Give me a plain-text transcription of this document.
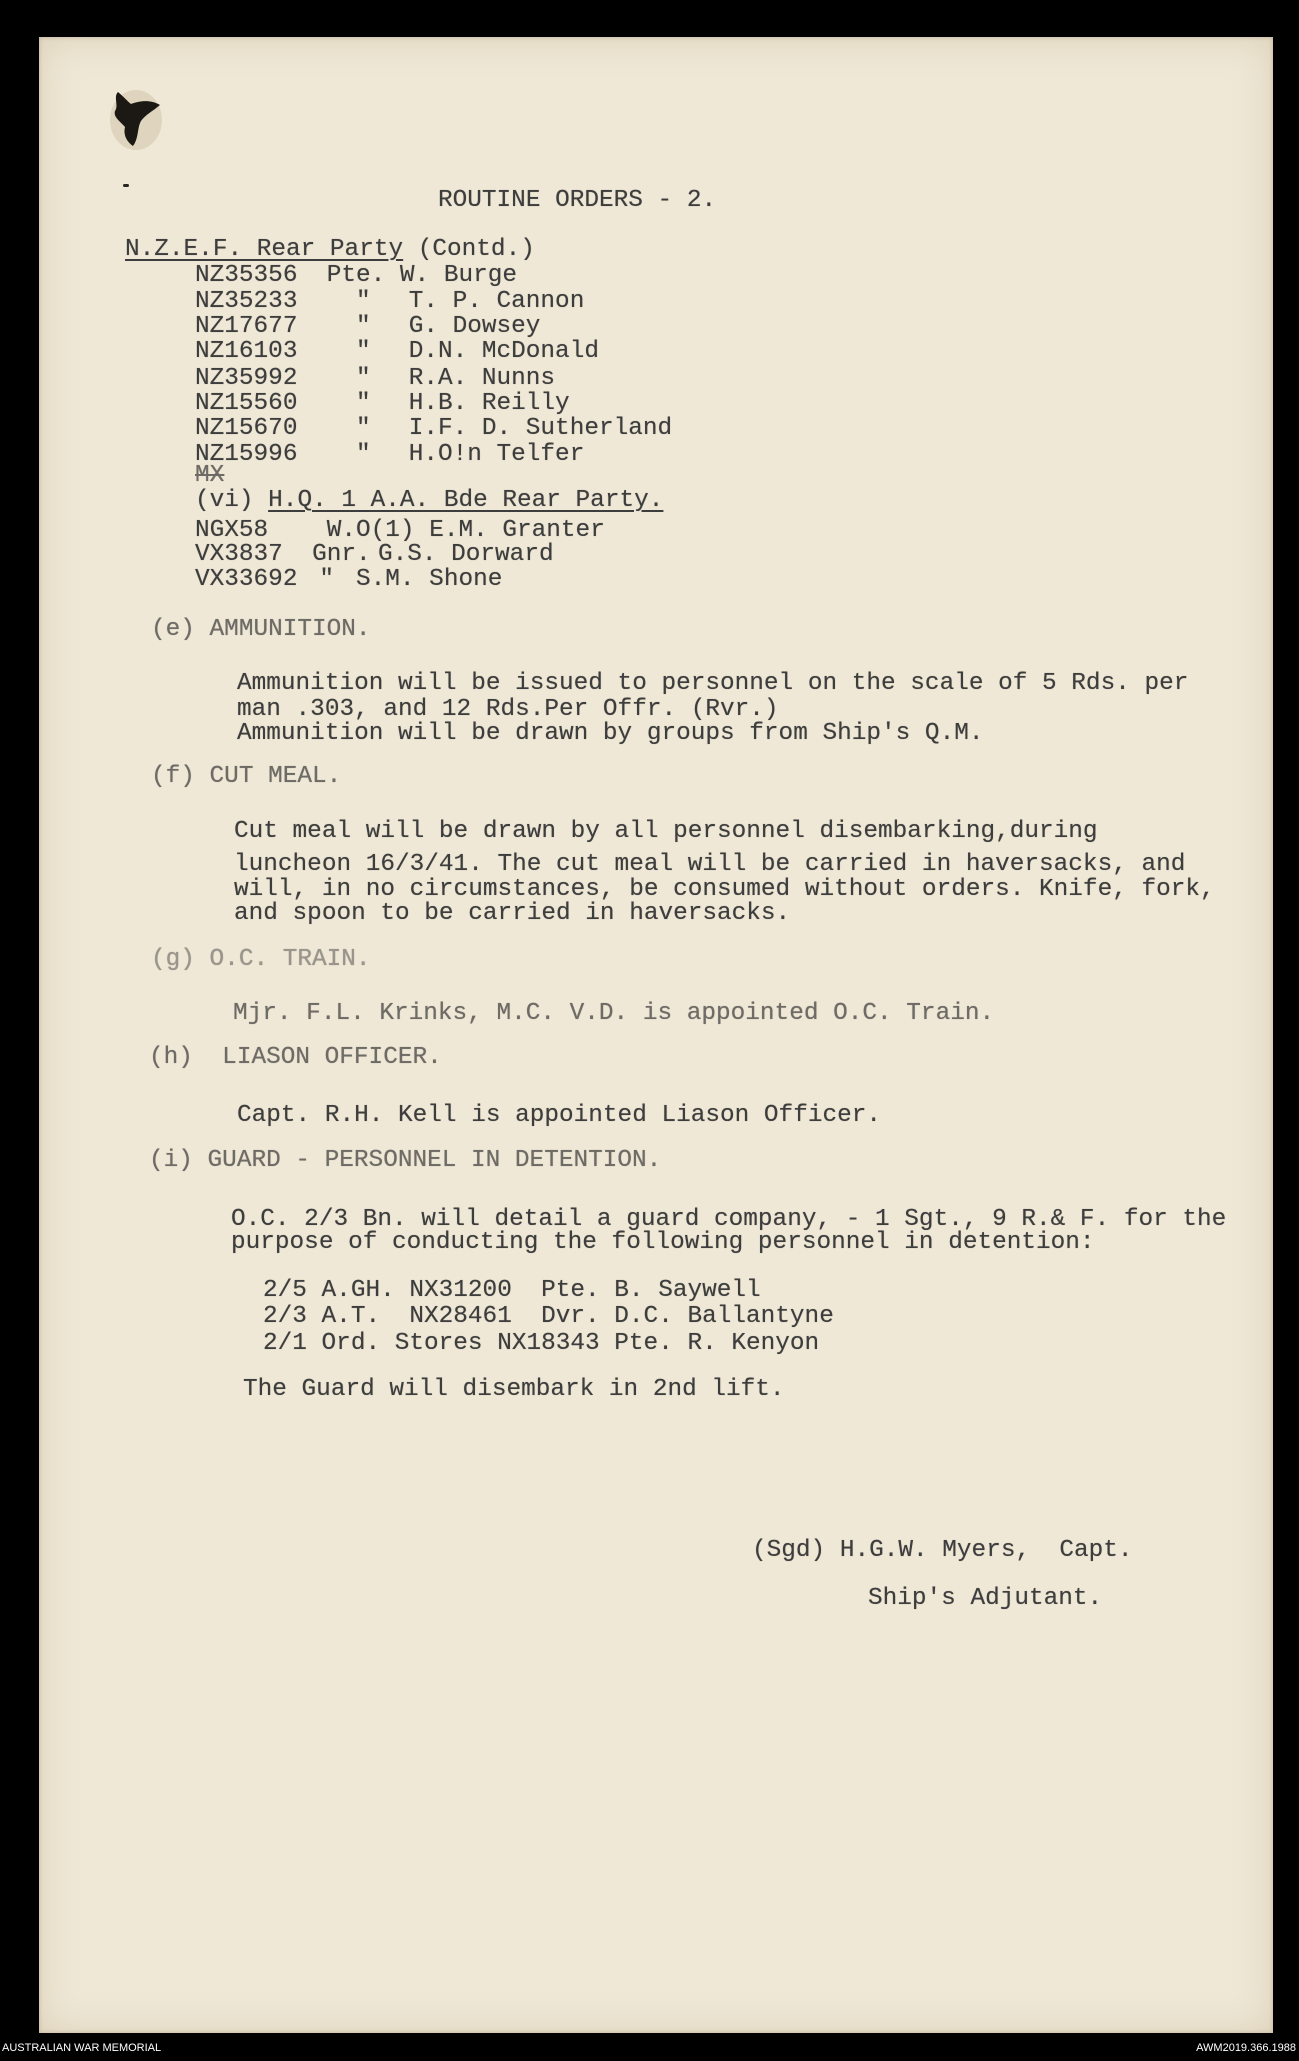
ROUTINE ORDERS - 2.
N.Z.E.F. Rear Party (Contd.)

NZ35356

Pte.

W. Burge

NZ35233

"

T. P. Cannon

NZ17677

"

G. Dowsey

NZ16103

"

D.N. McDonald

NZ35992

"

R.A. Nunns

NZ15560

"

H.B. Reilly

NZ15670

"

I.F. D. Sutherland

NZ15996

"

H.O!n Telfer

MX

(vi)

H.Q. 1 A.A. Bde Rear Party.

NGX58

W.O(1)

E.M. Granter

VX3837

Gnr.

G.S. Dorward

VX33692

"

S.M. Shone

(e) AMMUNITION.
Ammunition will be issued to personnel on the scale of 5 Rds. per
man .303, and 12 Rds.Per Offr. (Rvr.)
Ammunition will be drawn by groups from Ship's Q.M.
(f) CUT MEAL.
Cut meal will be drawn by all personnel disembarking,during
luncheon 16/3/41. The cut meal will be carried in haversacks, and
will, in no circumstances, be consumed without orders. Knife, fork,
and spoon to be carried in haversacks.
(g) O.C. TRAIN.
Mjr. F.L. Krinks, M.C. V.D. is appointed O.C. Train.
(h)  LIASON OFFICER.
Capt. R.H. Kell is appointed Liason Officer.
(i) GUARD - PERSONNEL IN DETENTION.
O.C. 2/3 Bn. will detail a guard company, - 1 Sgt., 9 R.& F. for the
purpose of conducting the following personnel in detention:
2/5 A.GH. NX31200  Pte. B. Saywell
2/3 A.T.  NX28461  Dvr. D.C. Ballantyne
2/1 Ord. Stores NX18343 Pte. R. Kenyon
The Guard will disembark in 2nd lift.
(Sgd) H.G.W. Myers,  Capt.
Ship's Adjutant.
AUSTRALIAN WAR MEMORIAL	AWM2019.366.1988
